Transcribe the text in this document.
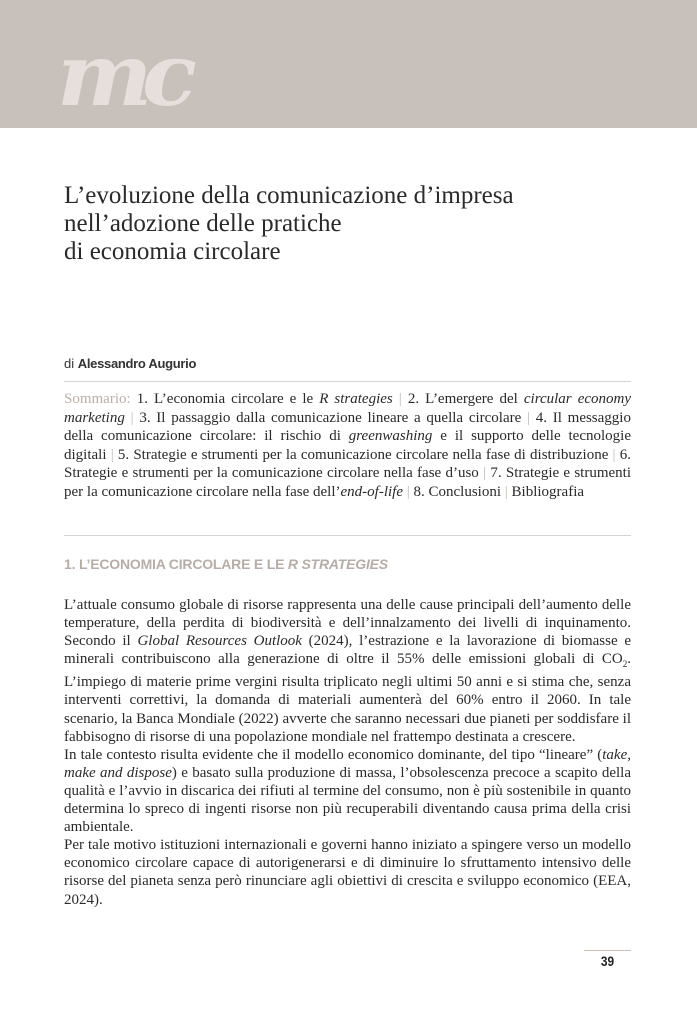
mc
L’evoluzione della comunicazione d’impresa
nell’adozione delle pratiche
di economia circolare
di Alessandro Augurio
Sommario: 1. L’economia circolare e le R strategies | 2. L’emergere del circular economy marketing | 3. Il passaggio dalla comunicazione lineare a quella circolare | 4. Il messaggio della comunicazione circolare: il rischio di greenwashing e il supporto delle tecnologie digitali | 5. Strategie e strumenti per la comunicazione circolare nella fase di distribuzione | 6. Strategie e strumenti per la comunicazione circolare nella fase d’uso | 7. Strategie e strumenti per la comunicazione circolare nella fase dell’end-of-life | 8. Conclusioni | Bibliografia
1. L’ECONOMIA CIRCOLARE E LE R STRATEGIES

L’attuale consumo globale di risorse rappresenta una delle cause principali dell’aumento delle temperature, della perdita di biodiversità e dell’innalzamento dei livelli di inquinamento. Secondo il Global Resources Outlook (2024), l’estrazione e la lavorazione di biomasse e minerali contribuiscono alla generazione di oltre il 55% delle emissioni globali di $CO_2$. L’impiego di materie prime vergini risulta triplicato negli ultimi 50 anni e si stima che, senza interventi correttivi, la domanda di materiali aumenterà del 60% entro il 2060. In tale scenario, la Banca Mondiale (2022) avverte che saranno necessari due pianeti per soddisfare il fabbisogno di risorse di una popolazione mondiale nel frattempo destinata a crescere.

In tale contesto risulta evidente che il modello economico dominante, del tipo “lineare” (take, make and dispose) e basato sulla produzione di massa, l’obsolescenza precoce a scapito della qualità e l’avvio in discarica dei rifiuti al termine del consumo, non è più sostenibile in quanto determina lo spreco di ingenti risorse non più recuperabili diventando causa prima della crisi ambientale.

Per tale motivo istituzioni internazionali e governi hanno iniziato a spingere verso un modello economico circolare capace di autorigenerarsi e di diminuire lo sfruttamento intensivo delle risorse del pianeta senza però rinunciare agli obiettivi di crescita e sviluppo economico (EEA, 2024).

39
